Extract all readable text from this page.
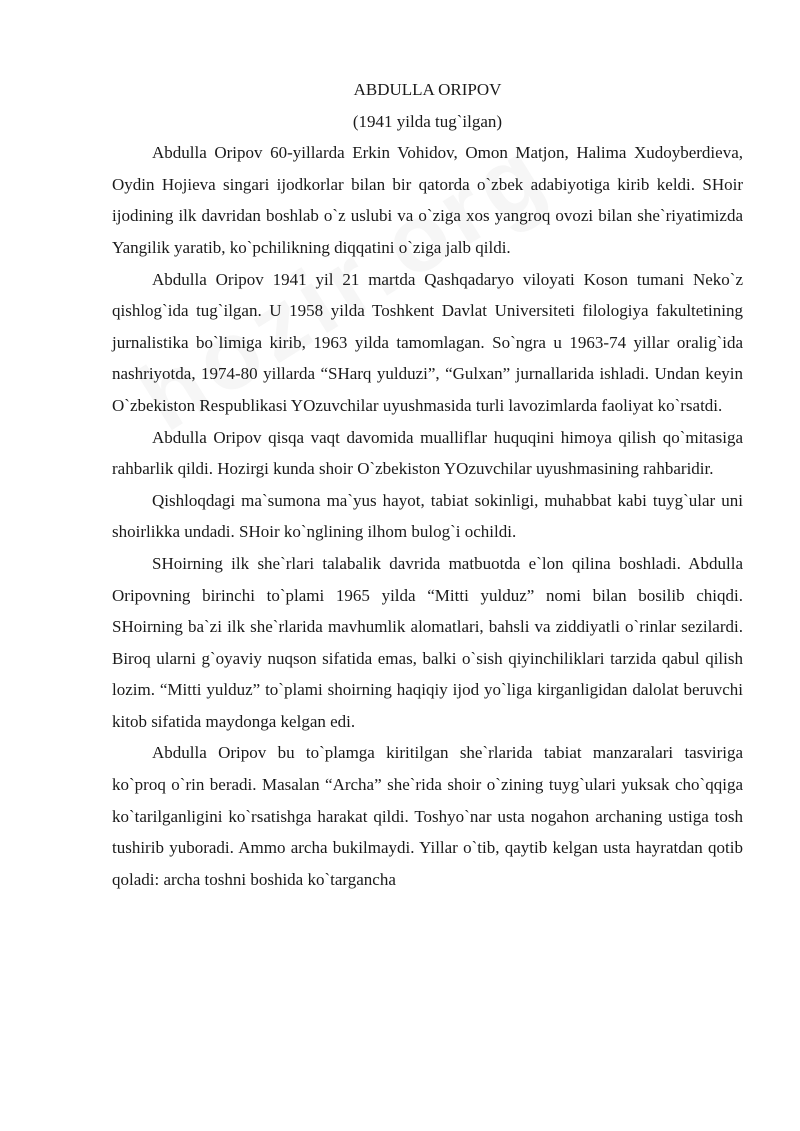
ABDULLA ORIPOV

(1941 yilda tug`ilgan)

Abdulla Oripov 60-yillarda Erkin Vohidov, Omon Matjon, Halima Xudoyberdieva, Oydin Hojieva singari ijodkorlar bilan bir qatorda o`zbek adabiyotiga kirib keldi. SHoir ijodining ilk davridan boshlab o`z uslubi va o`ziga xos yangroq ovozi bilan she`riyatimizda Yangilik yaratib, ko`pchilikning diqqatini o`ziga jalb qildi.

Abdulla Oripov 1941 yil 21 martda Qashqadaryo viloyati Koson tumani Neko`z qishlog`ida tug`ilgan. U 1958 yilda Toshkent Davlat Universiteti filologiya fakultetining jurnalistika bo`limiga kirib, 1963 yilda tamomlagan. So`ngra u 1963-74 yillar oralig`ida nashriyotda, 1974-80 yillarda “SHarq yulduzi”, “Gulxan” jurnallarida ishladi. Undan keyin O`zbekiston Respublikasi YOzuvchilar uyushmasida turli lavozimlarda faoliyat ko`rsatdi.

Abdulla Oripov qisqa vaqt davomida mualliflar huquqini himoya qilish qo`mitasiga rahbarlik qildi. Hozirgi kunda shoir O`zbekiston YOzuvchilar uyushmasining rahbaridir.

Qishloqdagi ma`sumona ma`yus hayot, tabiat sokinligi, muhabbat kabi tuyg`ular uni shoirlikka undadi. SHoir ko`nglining ilhom bulog`i ochildi.

SHoirning ilk she`rlari talabalik davrida matbuotda e`lon qilina boshladi. Abdulla Oripovning birinchi to`plami 1965 yilda “Mitti yulduz” nomi bilan bosilib chiqdi. SHoirning ba`zi ilk she`rlarida mavhumlik alomatlari, bahsli va ziddiyatli o`rinlar sezilardi. Biroq ularni g`oyaviy nuqson sifatida emas, balki o`sish qiyinchiliklari tarzida qabul qilish lozim. “Mitti yulduz” to`plami shoirning haqiqiy ijod yo`liga kirganligidan dalolat beruvchi kitob sifatida maydonga kelgan edi.

Abdulla Oripov bu to`plamga kiritilgan she`rlarida tabiat manzaralari tasviriga ko`proq o`rin beradi. Masalan “Archa” she`rida shoir o`zining tuyg`ulari yuksak cho`qqiga ko`tarilganligini ko`rsatishga harakat qildi. Toshyo`nar usta nogahon archaning ustiga tosh tushirib yuboradi. Ammo archa bukilmaydi. Yillar o`tib, qaytib kelgan usta hayratdan qotib qoladi: archa toshni boshida ko`targancha
